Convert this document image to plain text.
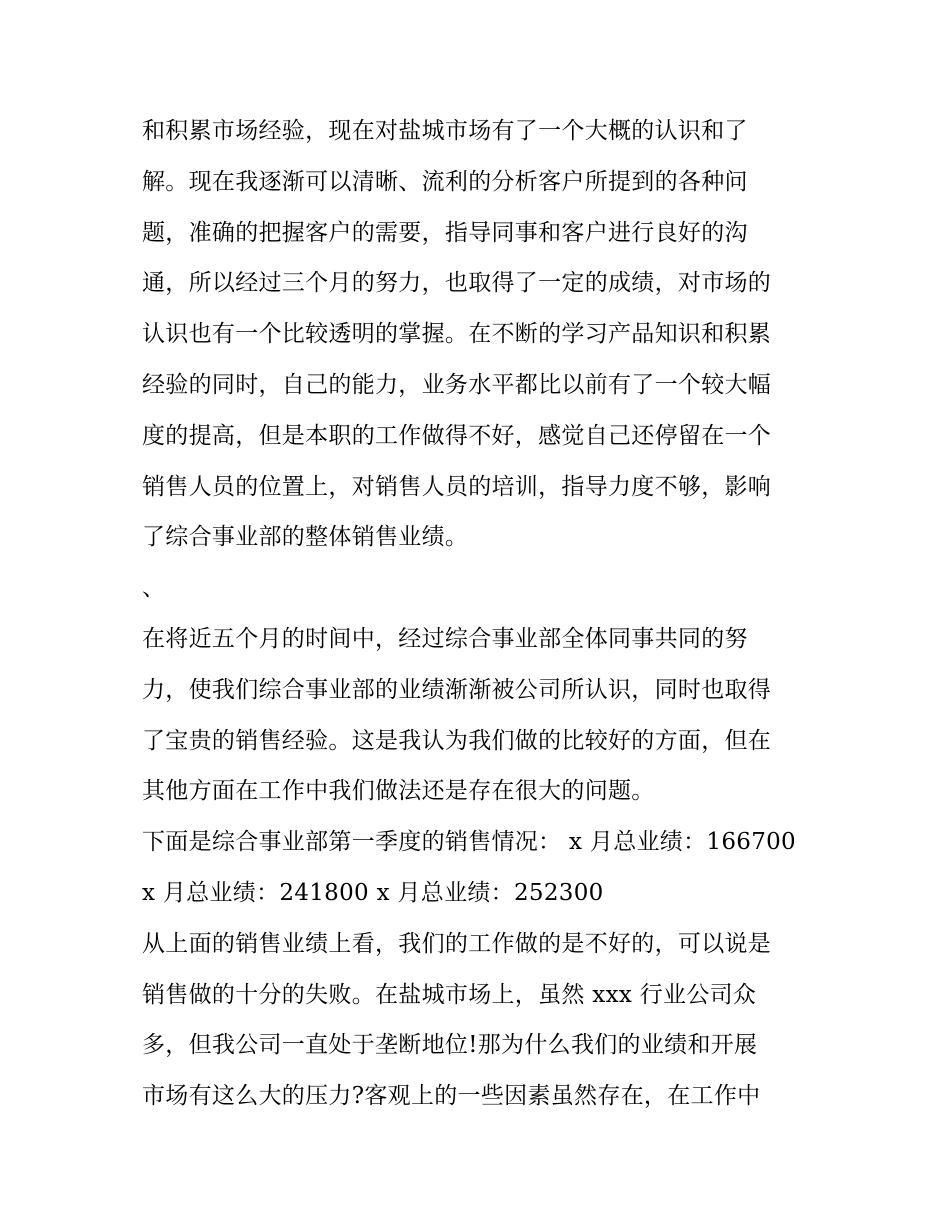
和积累市场经验，现在对盐城市场有了一个大概的认识和了
解。现在我逐渐可以清晰、流利的分析客户所提到的各种问
题，准确的把握客户的需要，指导同事和客户进行良好的沟
通，所以经过三个月的努力，也取得了一定的成绩，对市场的
认识也有一个比较透明的掌握。在不断的学习产品知识和积累
经验的同时，自己的能力，业务水平都比以前有了一个较大幅
度的提高，但是本职的工作做得不好，感觉自己还停留在一个
销售人员的位置上，对销售人员的培训，指导力度不够，影响
了综合事业部的整体销售业绩。
、
在将近五个月的时间中，经过综合事业部全体同事共同的努
力，使我们综合事业部的业绩渐渐被公司所认识，同时也取得
了宝贵的销售经验。这是我认为我们做的比较好的方面，但在
其他方面在工作中我们做法还是存在很大的问题。
下面是综合事业部第一季度的销售情况： x 月总业绩：166700
x 月总业绩：241800 x 月总业绩：252300
从上面的销售业绩上看，我们的工作做的是不好的，可以说是
销售做的十分的失败。在盐城市场上，虽然 xxx 行业公司众
多，但我公司一直处于垄断地位!那为什么我们的业绩和开展
市场有这么大的压力?客观上的一些因素虽然存在，在工作中
